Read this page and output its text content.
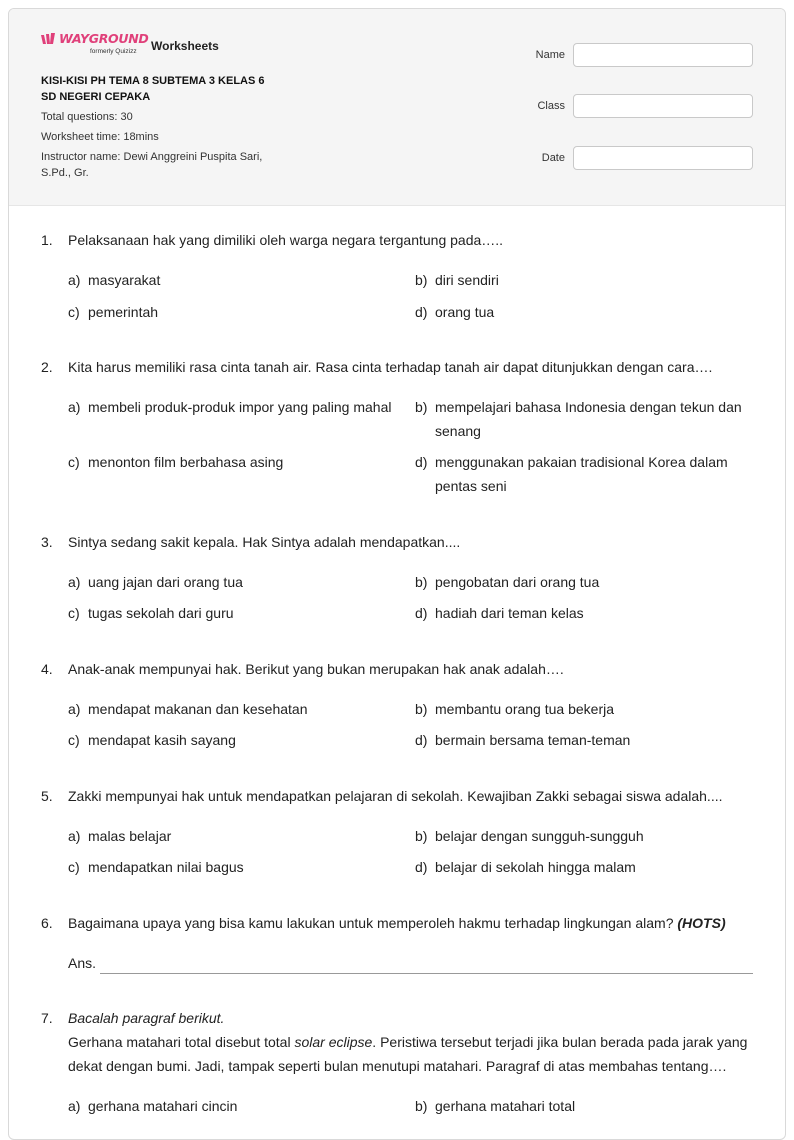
WAYGROUND
formerly Quizizz Worksheets
KISI-KISI PH TEMA 8 SUBTEMA 3 KELAS 6
SD NEGERI CEPAKA
Total questions: 30
Worksheet time: 18mins
Instructor name: Dewi Anggreini Puspita Sari, S.Pd., Gr.
Name
Class
Date
1.	Pelaksanaan hak yang dimiliki oleh warga negara tergantung pada…..
a) masyarakat	b) diri sendiri
c) pemerintah	d) orang tua
2.	Kita harus memiliki rasa cinta tanah air. Rasa cinta terhadap tanah air dapat ditunjukkan dengan cara….
a) membeli produk-produk impor yang paling mahal	b) mempelajari bahasa Indonesia dengan tekun dan senang
c) menonton film berbahasa asing	d) menggunakan pakaian tradisional Korea dalam pentas seni
3.	Sintya sedang sakit kepala. Hak Sintya adalah mendapatkan....
a) uang jajan dari orang tua	b) pengobatan dari orang tua
c) tugas sekolah dari guru	d) hadiah dari teman kelas
4.	Anak-anak mempunyai hak. Berikut yang bukan merupakan hak anak adalah….
a) mendapat makanan dan kesehatan	b) membantu orang tua bekerja
c) mendapat kasih sayang	d) bermain bersama teman-teman
5.	Zakki mempunyai hak untuk mendapatkan pelajaran di sekolah. Kewajiban Zakki sebagai siswa adalah....
a) malas belajar	b) belajar dengan sungguh-sungguh
c) mendapatkan nilai bagus	d) belajar di sekolah hingga malam
6.	Bagaimana upaya yang bisa kamu lakukan untuk memperoleh hakmu terhadap lingkungan alam? (HOTS)
Ans.
7.	Bacalah paragraf berikut.
Gerhana matahari total disebut total solar eclipse. Peristiwa tersebut terjadi jika bulan berada pada jarak yang dekat dengan bumi. Jadi, tampak seperti bulan menutupi matahari. Paragraf di atas membahas tentang….
a) gerhana matahari cincin	b) gerhana matahari total
